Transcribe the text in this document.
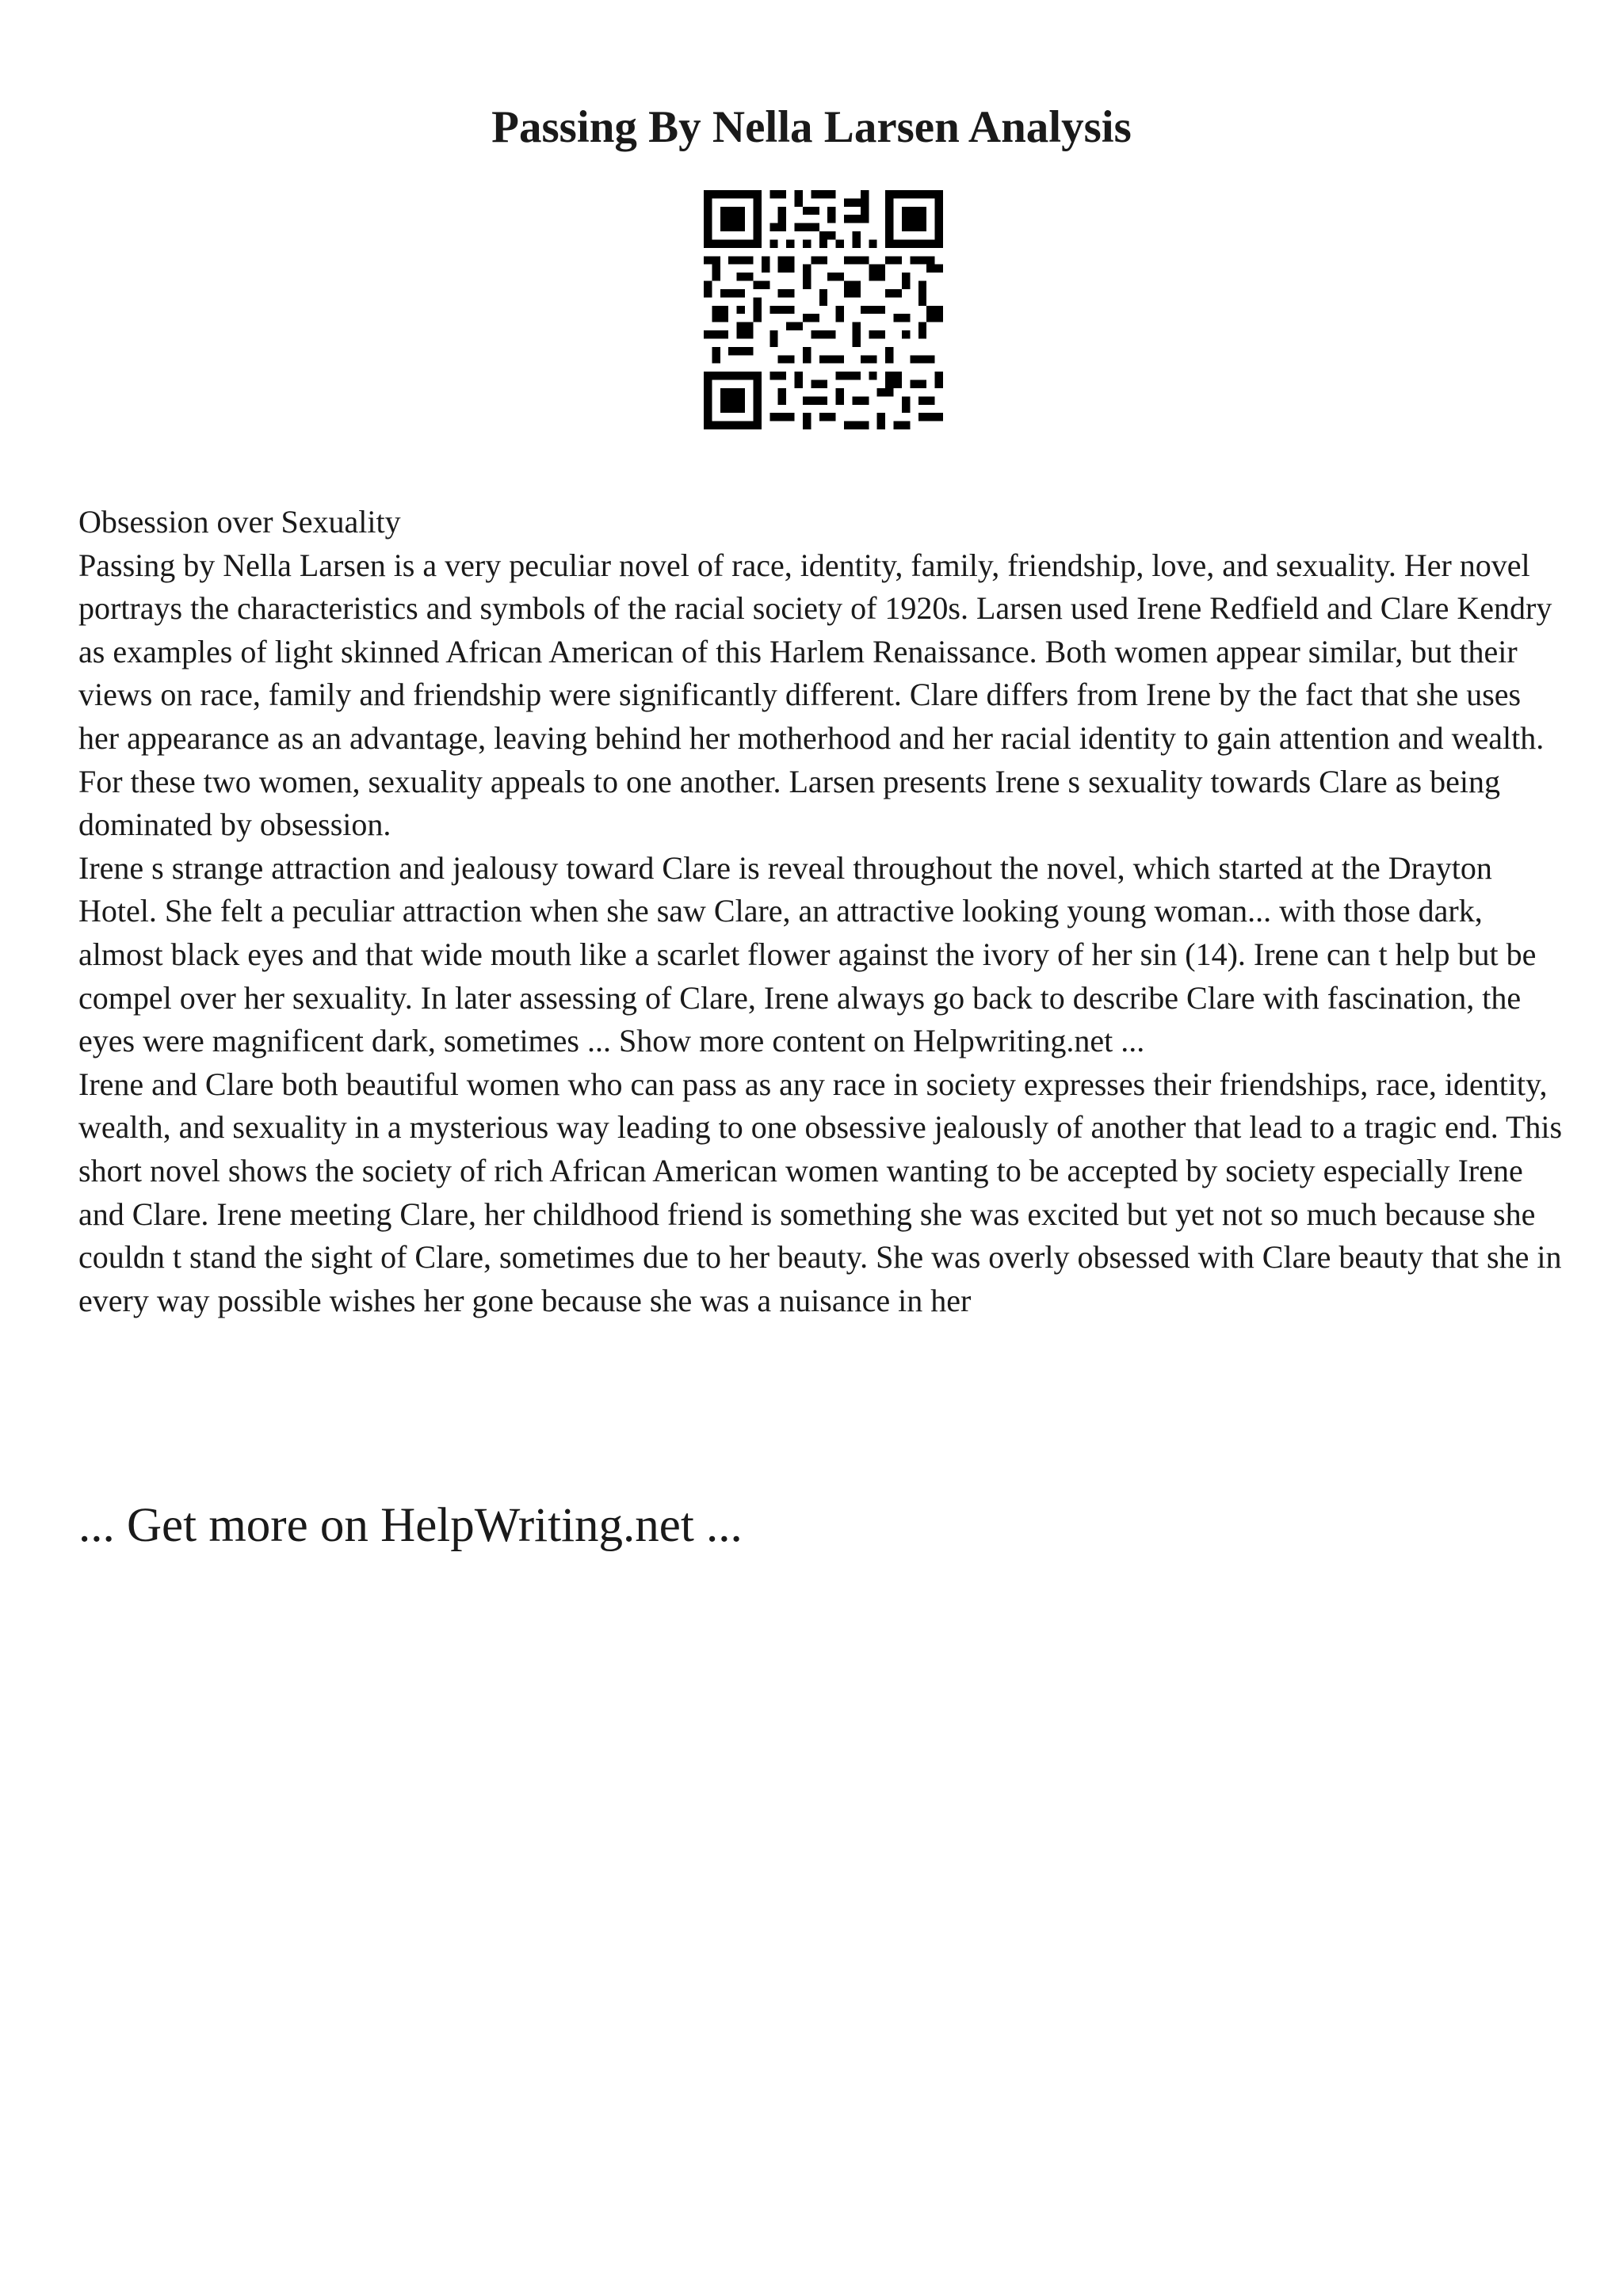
Passing By Nella Larsen Analysis

Obsession over Sexuality

Passing by Nella Larsen is a very peculiar novel of race, identity, family, friendship, love, and sexuality. Her novel portrays the characteristics and symbols of the racial society of 1920s. Larsen used Irene Redfield and Clare Kendry as examples of light skinned African American of this Harlem Renaissance. Both women appear similar, but their views on race, family and friendship were significantly different. Clare differs from Irene by the fact that she uses her appearance as an advantage, leaving behind her motherhood and her racial identity to gain attention and wealth. For these two women, sexuality appeals to one another. Larsen presents Irene s sexuality towards Clare as being dominated by obsession.

Irene s strange attraction and jealousy toward Clare is reveal throughout the novel, which started at the Drayton Hotel. She felt a peculiar attraction when she saw Clare, an attractive looking young woman... with those dark, almost black eyes and that wide mouth like a scarlet flower against the ivory of her sin (14). Irene can t help but be compel over her sexuality. In later assessing of Clare, Irene always go back to describe Clare with fascination, the eyes were magnificent dark, sometimes ... Show more content on Helpwriting.net ...

Irene and Clare both beautiful women who can pass as any race in society expresses their friendships, race, identity, wealth, and sexuality in a mysterious way leading to one obsessive jealously of another that lead to a tragic end. This short novel shows the society of rich African American women wanting to be accepted by society especially Irene and Clare. Irene meeting Clare, her childhood friend is something she was excited but yet not so much because she couldn t stand the sight of Clare, sometimes due to her beauty. She was overly obsessed with Clare beauty that she in every way possible wishes her gone because she was a nuisance in her

... Get more on HelpWriting.net ...
